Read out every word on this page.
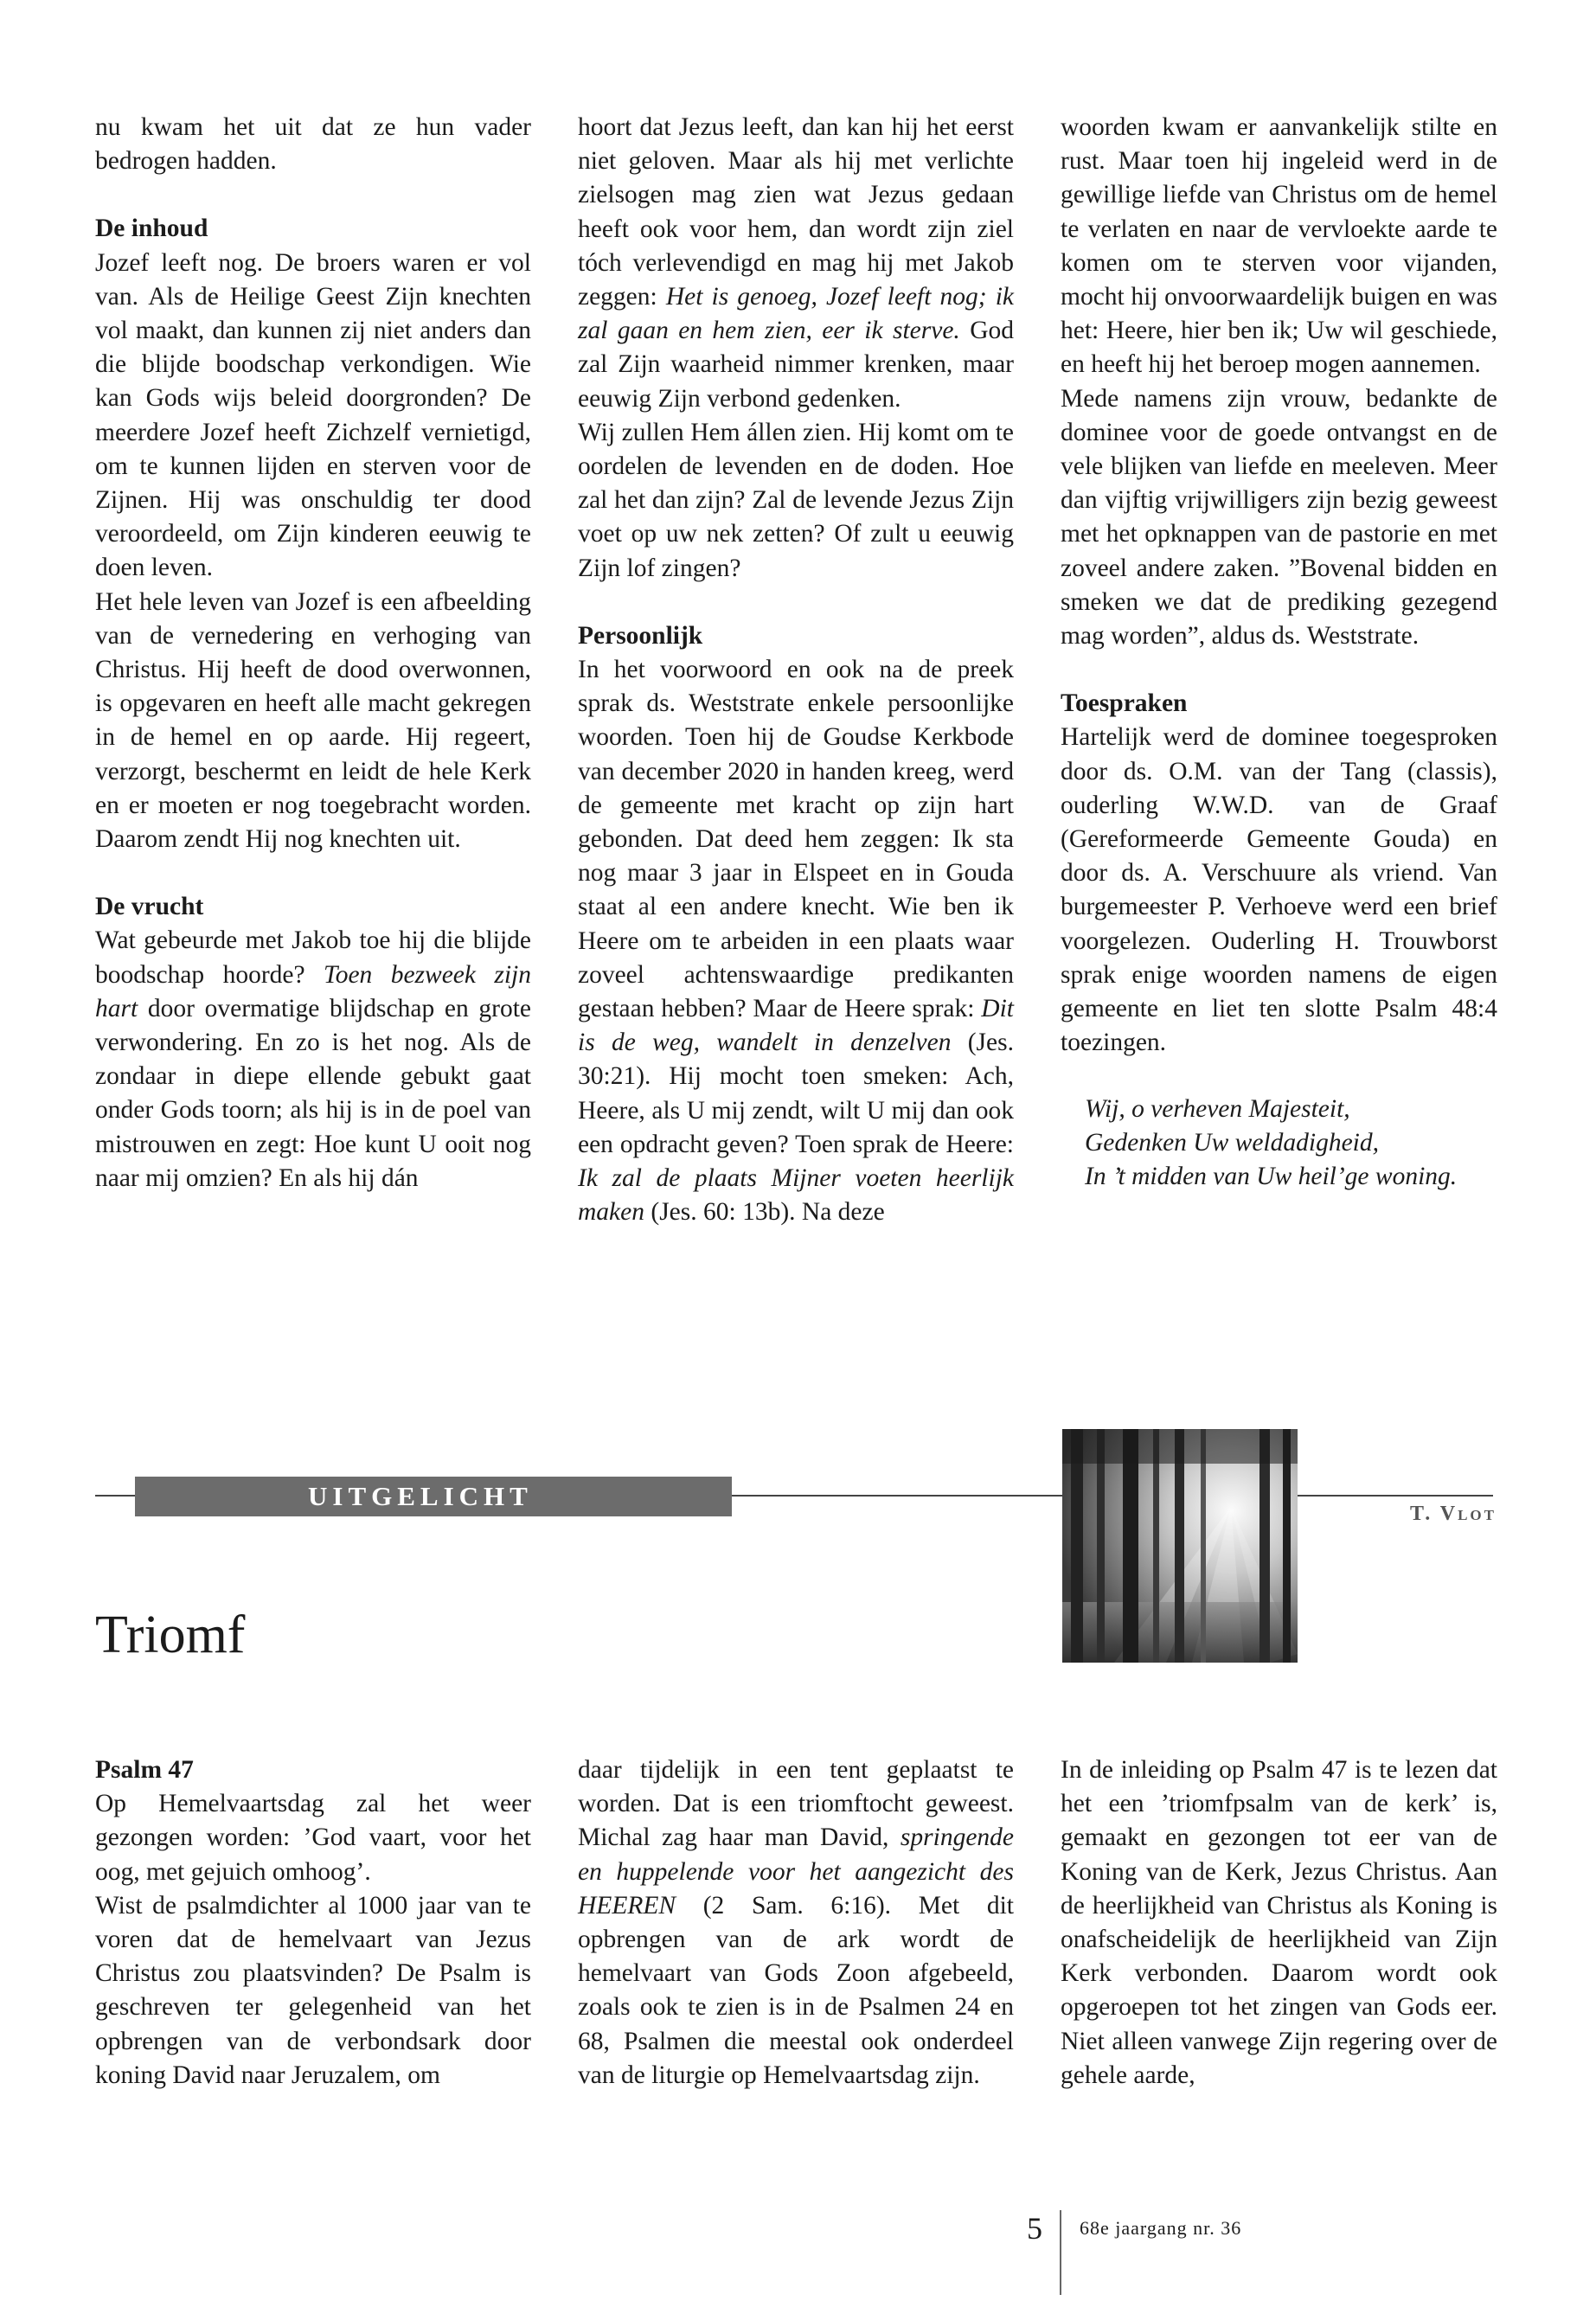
nu kwam het uit dat ze hun vader bedrogen hadden.

De inhoud

Jozef leeft nog. De broers waren er vol van. Als de Heilige Geest Zijn knechten vol maakt, dan kunnen zij niet anders dan die blijde boodschap verkondigen. Wie kan Gods wijs beleid doorgronden? De meerdere Jozef heeft Zichzelf vernietigd, om te kunnen lijden en sterven voor de Zijnen. Hij was onschuldig ter dood veroordeeld, om Zijn kinderen eeuwig te doen leven.

Het hele leven van Jozef is een afbeelding van de vernedering en verhoging van Christus. Hij heeft de dood overwonnen, is opgevaren en heeft alle macht gekregen in de hemel en op aarde. Hij regeert, verzorgt, beschermt en leidt de hele Kerk en er moeten er nog toegebracht worden. Daarom zendt Hij nog knechten uit.

De vrucht

Wat gebeurde met Jakob toe hij die blijde boodschap hoorde? Toen bezweek zijn hart door overmatige blijdschap en grote verwondering. En zo is het nog. Als de zondaar in diepe ellende gebukt gaat onder Gods toorn; als hij is in de poel van mistrouwen en zegt: Hoe kunt U ooit nog naar mij omzien? En als hij dán

hoort dat Jezus leeft, dan kan hij het eerst niet geloven. Maar als hij met verlichte zielsogen mag zien wat Jezus gedaan heeft ook voor hem, dan wordt zijn ziel tóch verlevendigd en mag hij met Jakob zeggen: Het is genoeg, Jozef leeft nog; ik zal gaan en hem zien, eer ik sterve. God zal Zijn waarheid nimmer krenken, maar eeuwig Zijn verbond gedenken.

Wij zullen Hem állen zien. Hij komt om te oordelen de levenden en de doden. Hoe zal het dan zijn? Zal de levende Jezus Zijn voet op uw nek zetten? Of zult u eeuwig Zijn lof zingen?

Persoonlijk

In het voorwoord en ook na de preek sprak ds. Weststrate enkele persoonlijke woorden. Toen hij de Goudse Kerkbode van december 2020 in handen kreeg, werd de gemeente met kracht op zijn hart gebonden. Dat deed hem zeggen: Ik sta nog maar 3 jaar in Elspeet en in Gouda staat al een andere knecht. Wie ben ik Heere om te arbeiden in een plaats waar zoveel achtenswaardige predikanten gestaan hebben? Maar de Heere sprak: Dit is de weg, wandelt in denzelven (Jes. 30:21). Hij mocht toen smeken: Ach, Heere, als U mij zendt, wilt U mij dan ook een opdracht geven? Toen sprak de Heere: Ik zal de plaats Mijner voeten heerlijk maken (Jes. 60: 13b). Na deze

woorden kwam er aanvankelijk stilte en rust. Maar toen hij ingeleid werd in de gewillige liefde van Christus om de hemel te verlaten en naar de vervloekte aarde te komen om te sterven voor vijanden, mocht hij onvoorwaardelijk buigen en was het: Heere, hier ben ik; Uw wil geschiede, en heeft hij het beroep mogen aannemen.

Mede namens zijn vrouw, bedankte de dominee voor de goede ontvangst en de vele blijken van liefde en meeleven. Meer dan vijftig vrijwilligers zijn bezig geweest met het opknappen van de pastorie en met zoveel andere zaken. ”Bovenal bidden en smeken we dat de prediking gezegend mag worden”, aldus ds. Weststrate.

Toespraken

Hartelijk werd de dominee toegesproken door ds. O.M. van der Tang (classis), ouderling W.W.D. van de Graaf (Gereformeerde Gemeente Gouda) en door ds. A. Verschuure als vriend. Van burgemeester P. Verhoeve werd een brief voorgelezen. Ouderling H. Trouwborst sprak enige woorden namens de eigen gemeente en liet ten slotte Psalm 48:4 toezingen.

Wij, o verheven Majesteit,
Gedenken Uw weldadigheid,
In ’t midden van Uw heil’ge woning.
UITGELICHT
T. Vlot
Triomf
Psalm 47

Op Hemelvaartsdag zal het weer gezongen worden: ’God vaart, voor het oog, met gejuich omhoog’.

Wist de psalmdichter al 1000 jaar van te voren dat de hemelvaart van Jezus Christus zou plaatsvinden? De Psalm is geschreven ter gelegenheid van het opbrengen van de verbondsark door koning David naar Jeruzalem, om

daar tijdelijk in een tent geplaatst te worden. Dat is een triomftocht geweest. Michal zag haar man David, springende en huppelende voor het aangezicht des HEEREN (2 Sam. 6:16). Met dit opbrengen van de ark wordt de hemelvaart van Gods Zoon afgebeeld, zoals ook te zien is in de Psalmen 24 en 68, Psalmen die meestal ook onderdeel van de liturgie op Hemelvaartsdag zijn.

In de inleiding op Psalm 47 is te lezen dat het een ’triomfpsalm van de kerk’ is, gemaakt en gezongen tot eer van de Koning van de Kerk, Jezus Christus. Aan de heerlijkheid van Christus als Koning is onafscheidelijk de heerlijkheid van Zijn Kerk verbonden. Daarom wordt ook opgeroepen tot het zingen van Gods eer. Niet alleen vanwege Zijn regering over de gehele aarde,

5 68e jaargang nr. 36
